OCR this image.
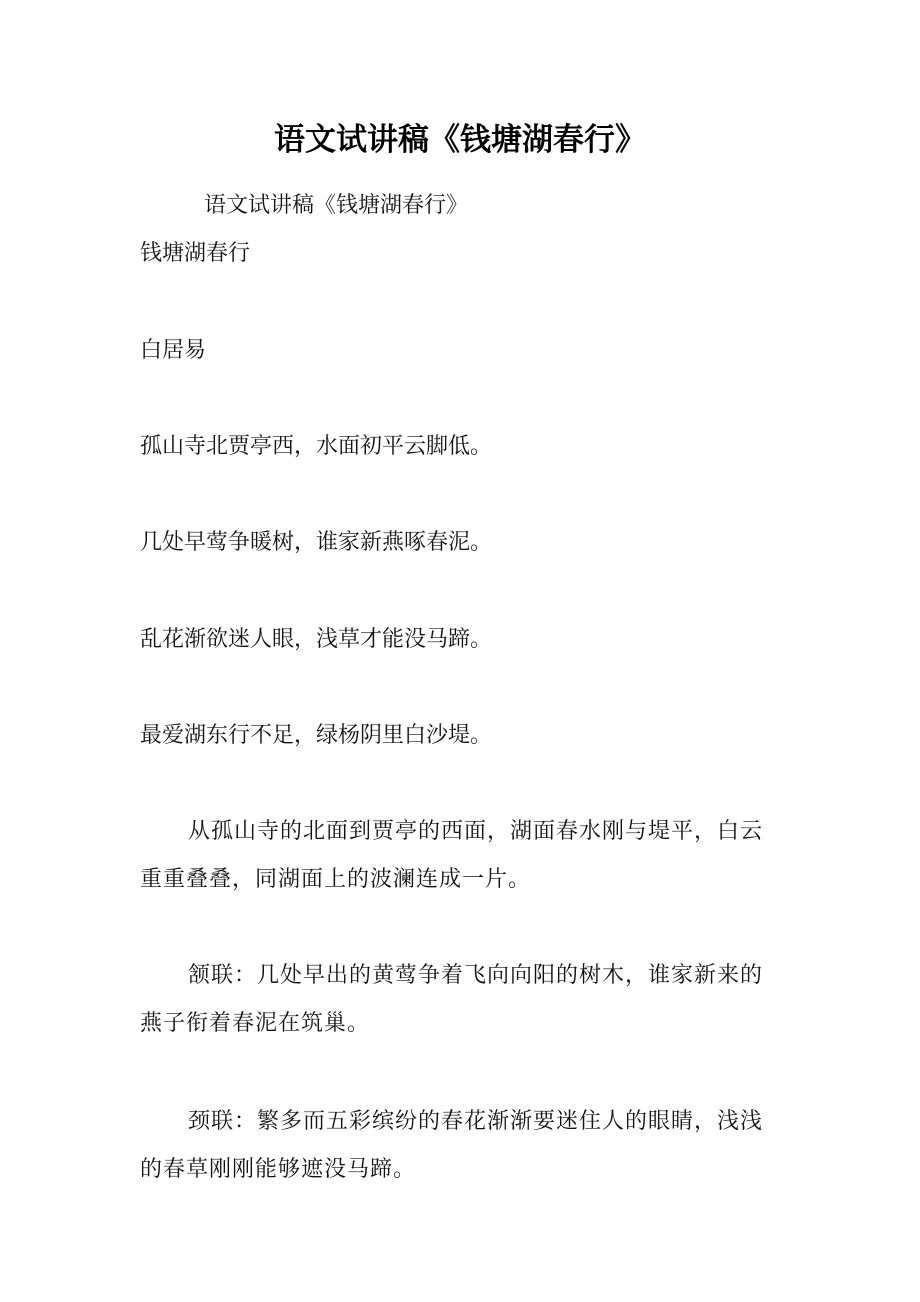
语文试讲稿《钱塘湖春行》
语文试讲稿《钱塘湖春行》
钱塘湖春行
白居易
孤山寺北贾亭西，水面初平云脚低。
几处早莺争暖树，谁家新燕啄春泥。
乱花渐欲迷人眼，浅草才能没马蹄。
最爱湖东行不足，绿杨阴里白沙堤。
从孤山寺的北面到贾亭的西面，湖面春水刚与堤平，白云重重叠叠，同湖面上的波澜连成一片。
颔联：几处早出的黄莺争着飞向向阳的树木，谁家新来的燕子衔着春泥在筑巢。
颈联：繁多而五彩缤纷的春花渐渐要迷住人的眼睛，浅浅的春草刚刚能够遮没马蹄。
